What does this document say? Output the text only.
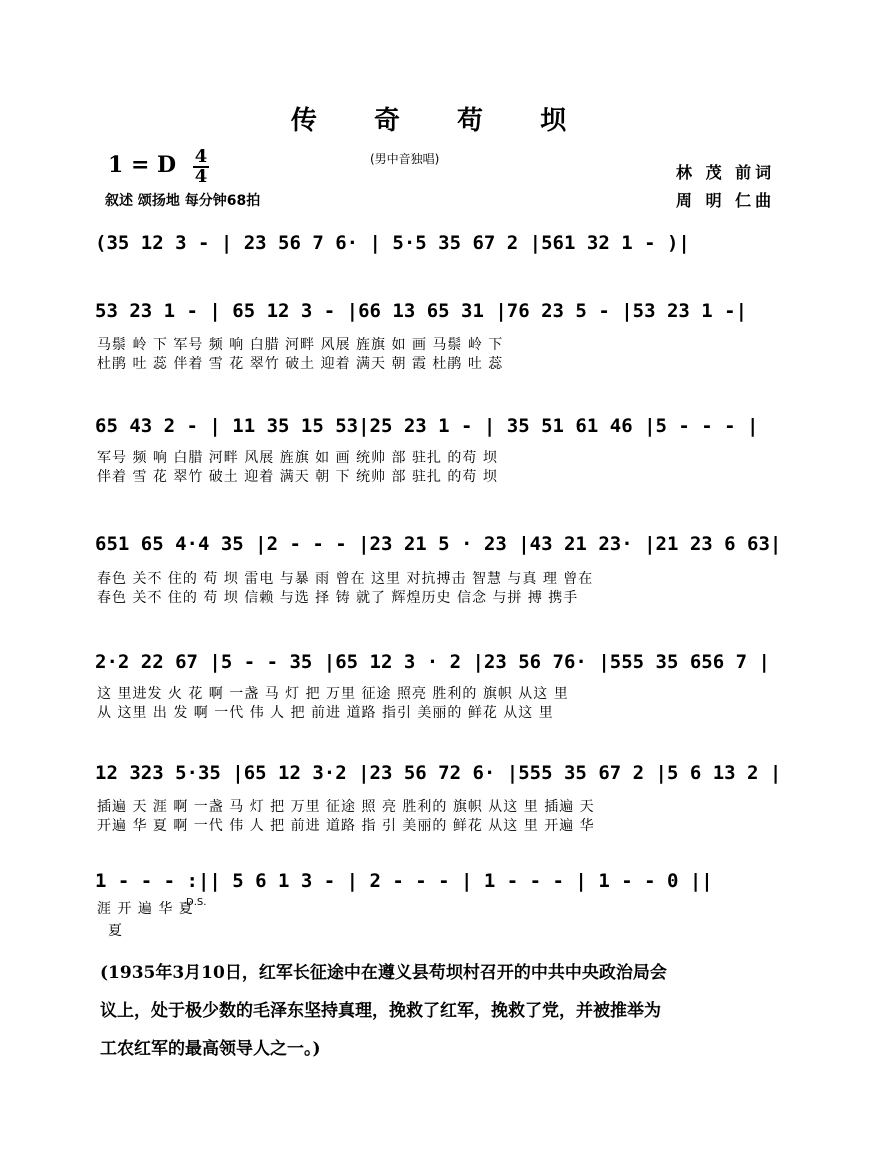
传 奇 苟 坝
(男中音独唱)
1 = D 4
4
叙述 颂扬地 每分钟68拍
林 茂 前词
周 明 仁曲
(35 12 3 - | 23 56 7 6· | 5·5 35 67 2 |561 32 1 - )|
53 23 1 - | 65 12 3 - |66 13 65 31 |76 23 5 - |53 23 1 -|
马鬃 岭 下 军号 频 响 白腊 河畔 风展 旌旗 如 画 马鬃 岭 下
杜鹃 吐 蕊 伴着 雪 花 翠竹 破土 迎着 满天 朝 霞 杜鹃 吐 蕊
65 43 2 - | 11 35 15 53|25 23 1 - | 35 51 61 46 |5 - - - |
军号 频 响 白腊 河畔 风展 旌旗 如 画 统帅 部 驻扎 的苟 坝
伴着 雪 花 翠竹 破土 迎着 满天 朝 下 统帅 部 驻扎 的苟 坝
651 65 4·4 35 |2 - - - |23 21 5 · 23 |43 21 23· |21 23 6 63|
春色 关不 住的 苟 坝 雷电 与暴 雨 曾在 这里 对抗搏击 智慧 与真 理 曾在
春色 关不 住的 苟 坝 信赖 与选 择 铸 就了 辉煌历史 信念 与拼 搏 携手
2·2 22 67 |5 - - 35 |65 12 3 · 2 |23 56 76· |555 35 656 7 |
这 里进发 火 花 啊 一盏 马 灯 把 万里 征途 照亮 胜利的 旗帜 从这 里
从 这里 出 发 啊 一代 伟 人 把 前进 道路 指引 美丽的 鲜花 从这 里
12 323 5·35 |65 12 3·2 |23 56 72 6· |555 35 67 2 |5 6 13 2 |
插遍 天 涯 啊 一盏 马 灯 把 万里 征途 照 亮 胜利的 旗帜 从这 里 插遍 天
开遍 华 夏 啊 一代 伟 人 把 前进 道路 指 引 美丽的 鲜花 从这 里 开遍 华
1 - - - :|| 5 6 1 3 - | 2 - - - | 1 - - - | 1 - - 0 ||
涯 开 遍 华 夏
夏
D.S.
(1935年3月10日，红军长征途中在遵义县苟坝村召开的中共中央政治局会
议上，处于极少数的毛泽东坚持真理，挽救了红军，挽救了党，并被推举为
工农红军的最高领导人之一。)
